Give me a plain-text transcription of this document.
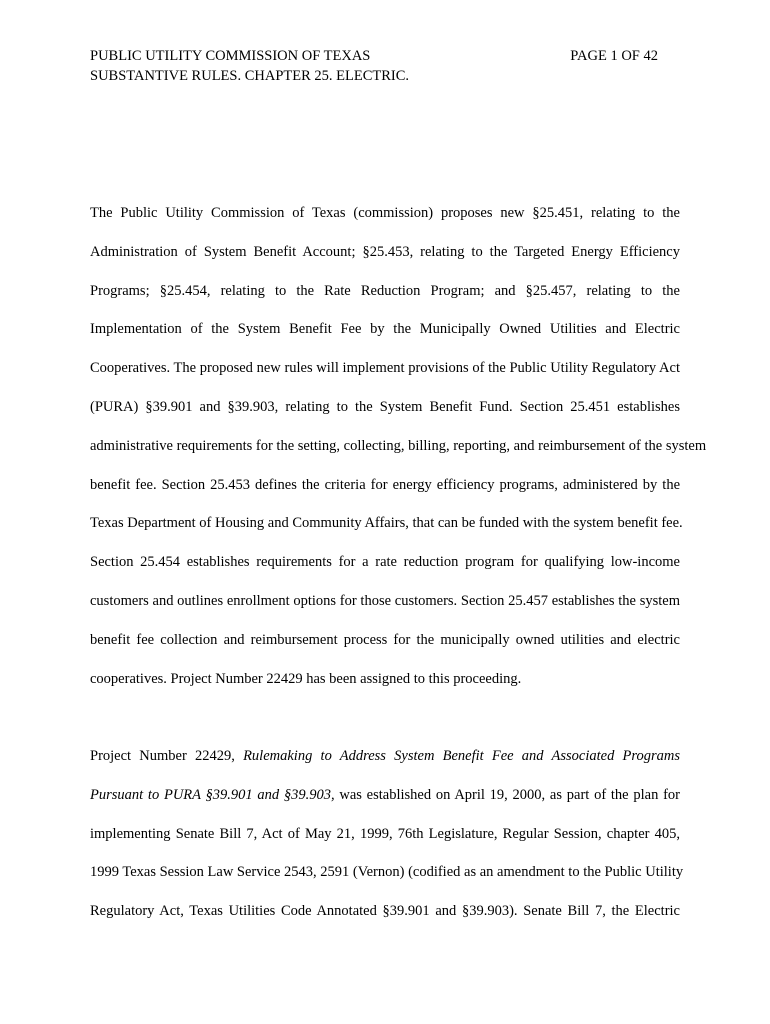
PUBLIC UTILITY COMMISSION OF TEXAS	PAGE 1 OF 42
SUBSTANTIVE RULES. CHAPTER 25. ELECTRIC.
The Public Utility Commission of Texas (commission) proposes new §25.451, relating to the
Administration of System Benefit Account; §25.453, relating to the Targeted Energy Efficiency
Programs; §25.454, relating to the Rate Reduction Program; and §25.457, relating to the
Implementation of the System Benefit Fee by the Municipally Owned Utilities and Electric
Cooperatives. The proposed new rules will implement provisions of the Public Utility Regulatory Act
(PURA) §39.901 and §39.903, relating to the System Benefit Fund. Section 25.451 establishes
administrative requirements for the setting, collecting, billing, reporting, and reimbursement of the system
benefit fee. Section 25.453 defines the criteria for energy efficiency programs, administered by the
Texas Department of Housing and Community Affairs, that can be funded with the system benefit fee.
Section 25.454 establishes requirements for a rate reduction program for qualifying low-income
customers and outlines enrollment options for those customers. Section 25.457 establishes the system
benefit fee collection and reimbursement process for the municipally owned utilities and electric
cooperatives. Project Number 22429 has been assigned to this proceeding.
Project Number 22429, Rulemaking to Address System Benefit Fee and Associated Programs
Pursuant to PURA §39.901 and §39.903, was established on April 19, 2000, as part of the plan for
implementing Senate Bill 7, Act of May 21, 1999, 76th Legislature, Regular Session, chapter 405,
1999 Texas Session Law Service 2543, 2591 (Vernon) (codified as an amendment to the Public Utility
Regulatory Act, Texas Utilities Code Annotated §39.901 and §39.903). Senate Bill 7, the Electric
